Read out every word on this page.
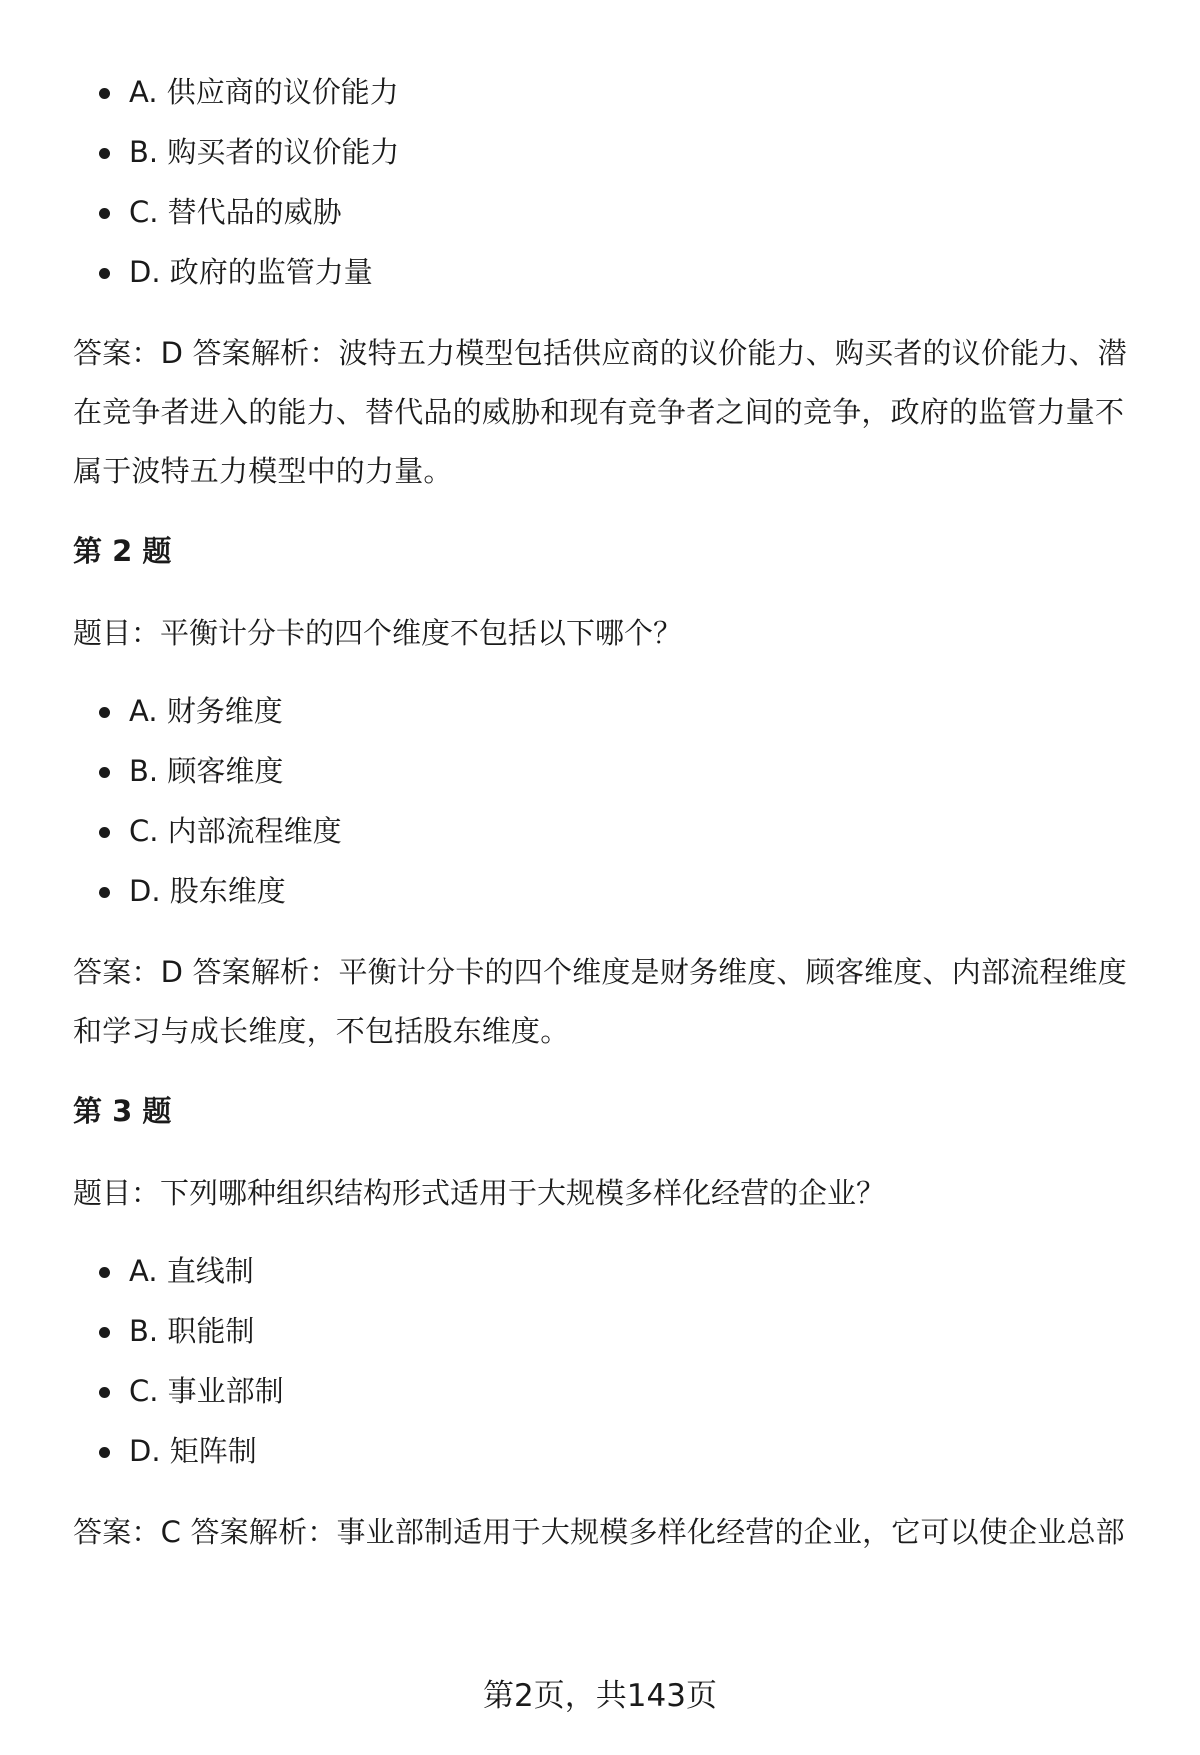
A. 供应商的议价能力
B. 购买者的议价能力
C. 替代品的威胁
D. 政府的监管力量

答案：D 答案解析：波特五力模型包括供应商的议价能力、购买者的议价能力、潜在竞争者进入的能力、替代品的威胁和现有竞争者之间的竞争，政府的监管力量不属于波特五力模型中的力量。

第 2 题

题目：平衡计分卡的四个维度不包括以下哪个？

A. 财务维度
B. 顾客维度
C. 内部流程维度
D. 股东维度

答案：D 答案解析：平衡计分卡的四个维度是财务维度、顾客维度、内部流程维度和学习与成长维度，不包括股东维度。

第 3 题

题目：下列哪种组织结构形式适用于大规模多样化经营的企业？

A. 直线制
B. 职能制
C. 事业部制
D. 矩阵制

答案：C 答案解析：事业部制适用于大规模多样化经营的企业，它可以使企业总部

第2页，共143页
